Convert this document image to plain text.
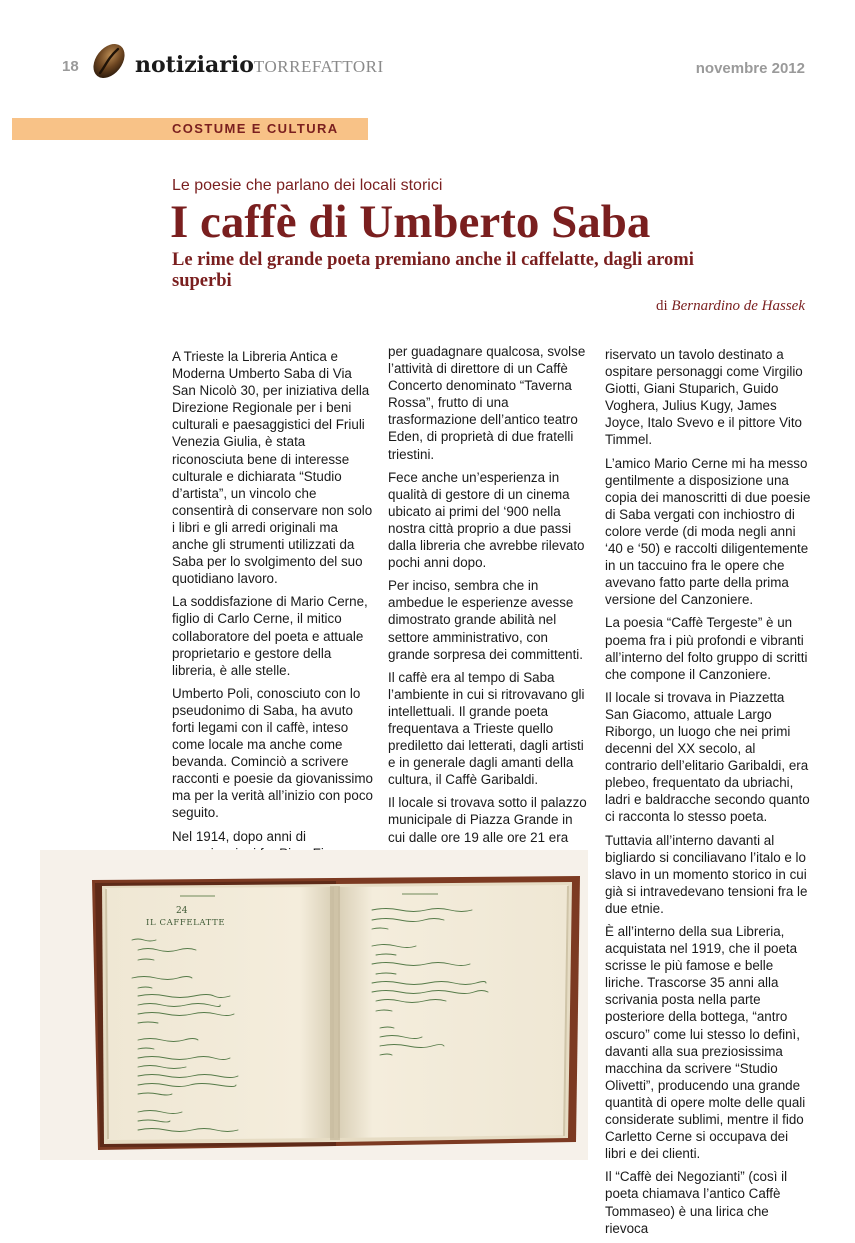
18	notiziarioTORREFATTORI	novembre 2012
COSTUME E CULTURA
Le poesie che parlano dei locali storici
I caffè di Umberto Saba
Le rime del grande poeta premiano anche il caffelatte, dagli aromi superbi
di Bernardino de Hassek

A Trieste la Libreria Antica e Moderna Umberto Saba di Via San Nicolò 30, per iniziativa della Direzione Regionale per i beni culturali e paesaggistici del Friuli Venezia Giulia, è stata riconosciuta bene di interesse culturale e dichiarata “Studio d’artista”, un vincolo che consentirà di conservare non solo i libri e gli arredi originali ma anche gli strumenti utilizzati da Saba per lo svolgimento del suo quotidiano lavoro.

La soddisfazione di Mario Cerne, figlio di Carlo Cerne, il mitico collaboratore del poeta e attuale proprietario e gestore della libreria, è alle stelle.

Umberto Poli, conosciuto con lo pseudonimo di Saba, ha avuto forti legami con il caffè, inteso come locale ma anche come bevanda. Cominciò a scrivere racconti e poesie da giovanissimo ma per la verità all’inizio con poco seguito.

Nel 1914, dopo anni di

per guadagnare qualcosa, svolse l’attività di direttore di un Caffè Concerto denominato “Taverna Rossa”, frutto di una trasformazione dell’antico teatro Eden, di proprietà di due fratelli triestini.

Fece anche un’esperienza in qualità di gestore di un cinema ubicato ai primi del ‘900 nella nostra città proprio a due passi dalla libreria che avrebbe rilevato pochi anni dopo.

Per inciso, sembra che in ambedue le esperienze avesse dimostrato grande abilità nel settore amministrativo, con grande sorpresa dei committenti.

Il caffè era al tempo di Saba l’ambiente in cui si ritrovavano gli intellettuali. Il grande poeta frequentava a Trieste quello prediletto dai letterati, dagli artisti e in generale dagli amanti della cultura, il Caffè Garibaldi.

Il locale si trovava sotto il palazzo municipale di Piazza Grande in cui dalle ore 19 alle ore 21 era

riservato un tavolo destinato a ospitare personaggi come Virgilio Giotti, Giani Stuparich, Guido Voghera, Julius Kugy, James Joyce, Italo Svevo e il pittore Vito Timmel.

L’amico Mario Cerne mi ha messo gentilmente a disposizione una copia dei manoscritti di due poesie di Saba vergati con inchiostro di colore verde (di moda negli anni ‘40 e ‘50) e raccolti diligentemente in un taccuino fra le opere che avevano fatto parte della prima versione del Canzoniere.

La poesia “Caffè Tergeste” è un poema fra i più profondi e vibranti all’interno del folto gruppo di scritti che compone il Canzoniere.

Il locale si trovava in Piazzetta San Giacomo, attuale Largo Riborgo, un luogo che nei primi decenni del XX secolo, al contrario dell’elitario Garibaldi, era plebeo, frequentato da ubriachi, ladri e baldracche secondo quanto ci racconta lo stesso poeta.

Tuttavia all’interno davanti al bigliardo si conciliavano l’italo e lo slavo in un momento storico in cui già si intravedevano tensioni fra le due etnie.

È all’interno della sua Libreria, acquistata nel 1919, che il poeta scrisse le più famose e belle liriche. Trascorse 35 anni alla scrivania posta nella parte posteriore della bottega, “antro oscuro” come lui stesso lo definì, davanti alla sua preziosissima macchina da scrivere “Studio Olivetti”, producendo una grande quantità di opere molte delle quali considerate sublimi, mentre il fido Carletto Cerne si occupava dei libri e dei clienti.

Il “Caffè dei Negozianti” (così il poeta chiamava l’antico Caffè Tommaseo) è una lirica che rievoca

24
IL CAFFELATTE
